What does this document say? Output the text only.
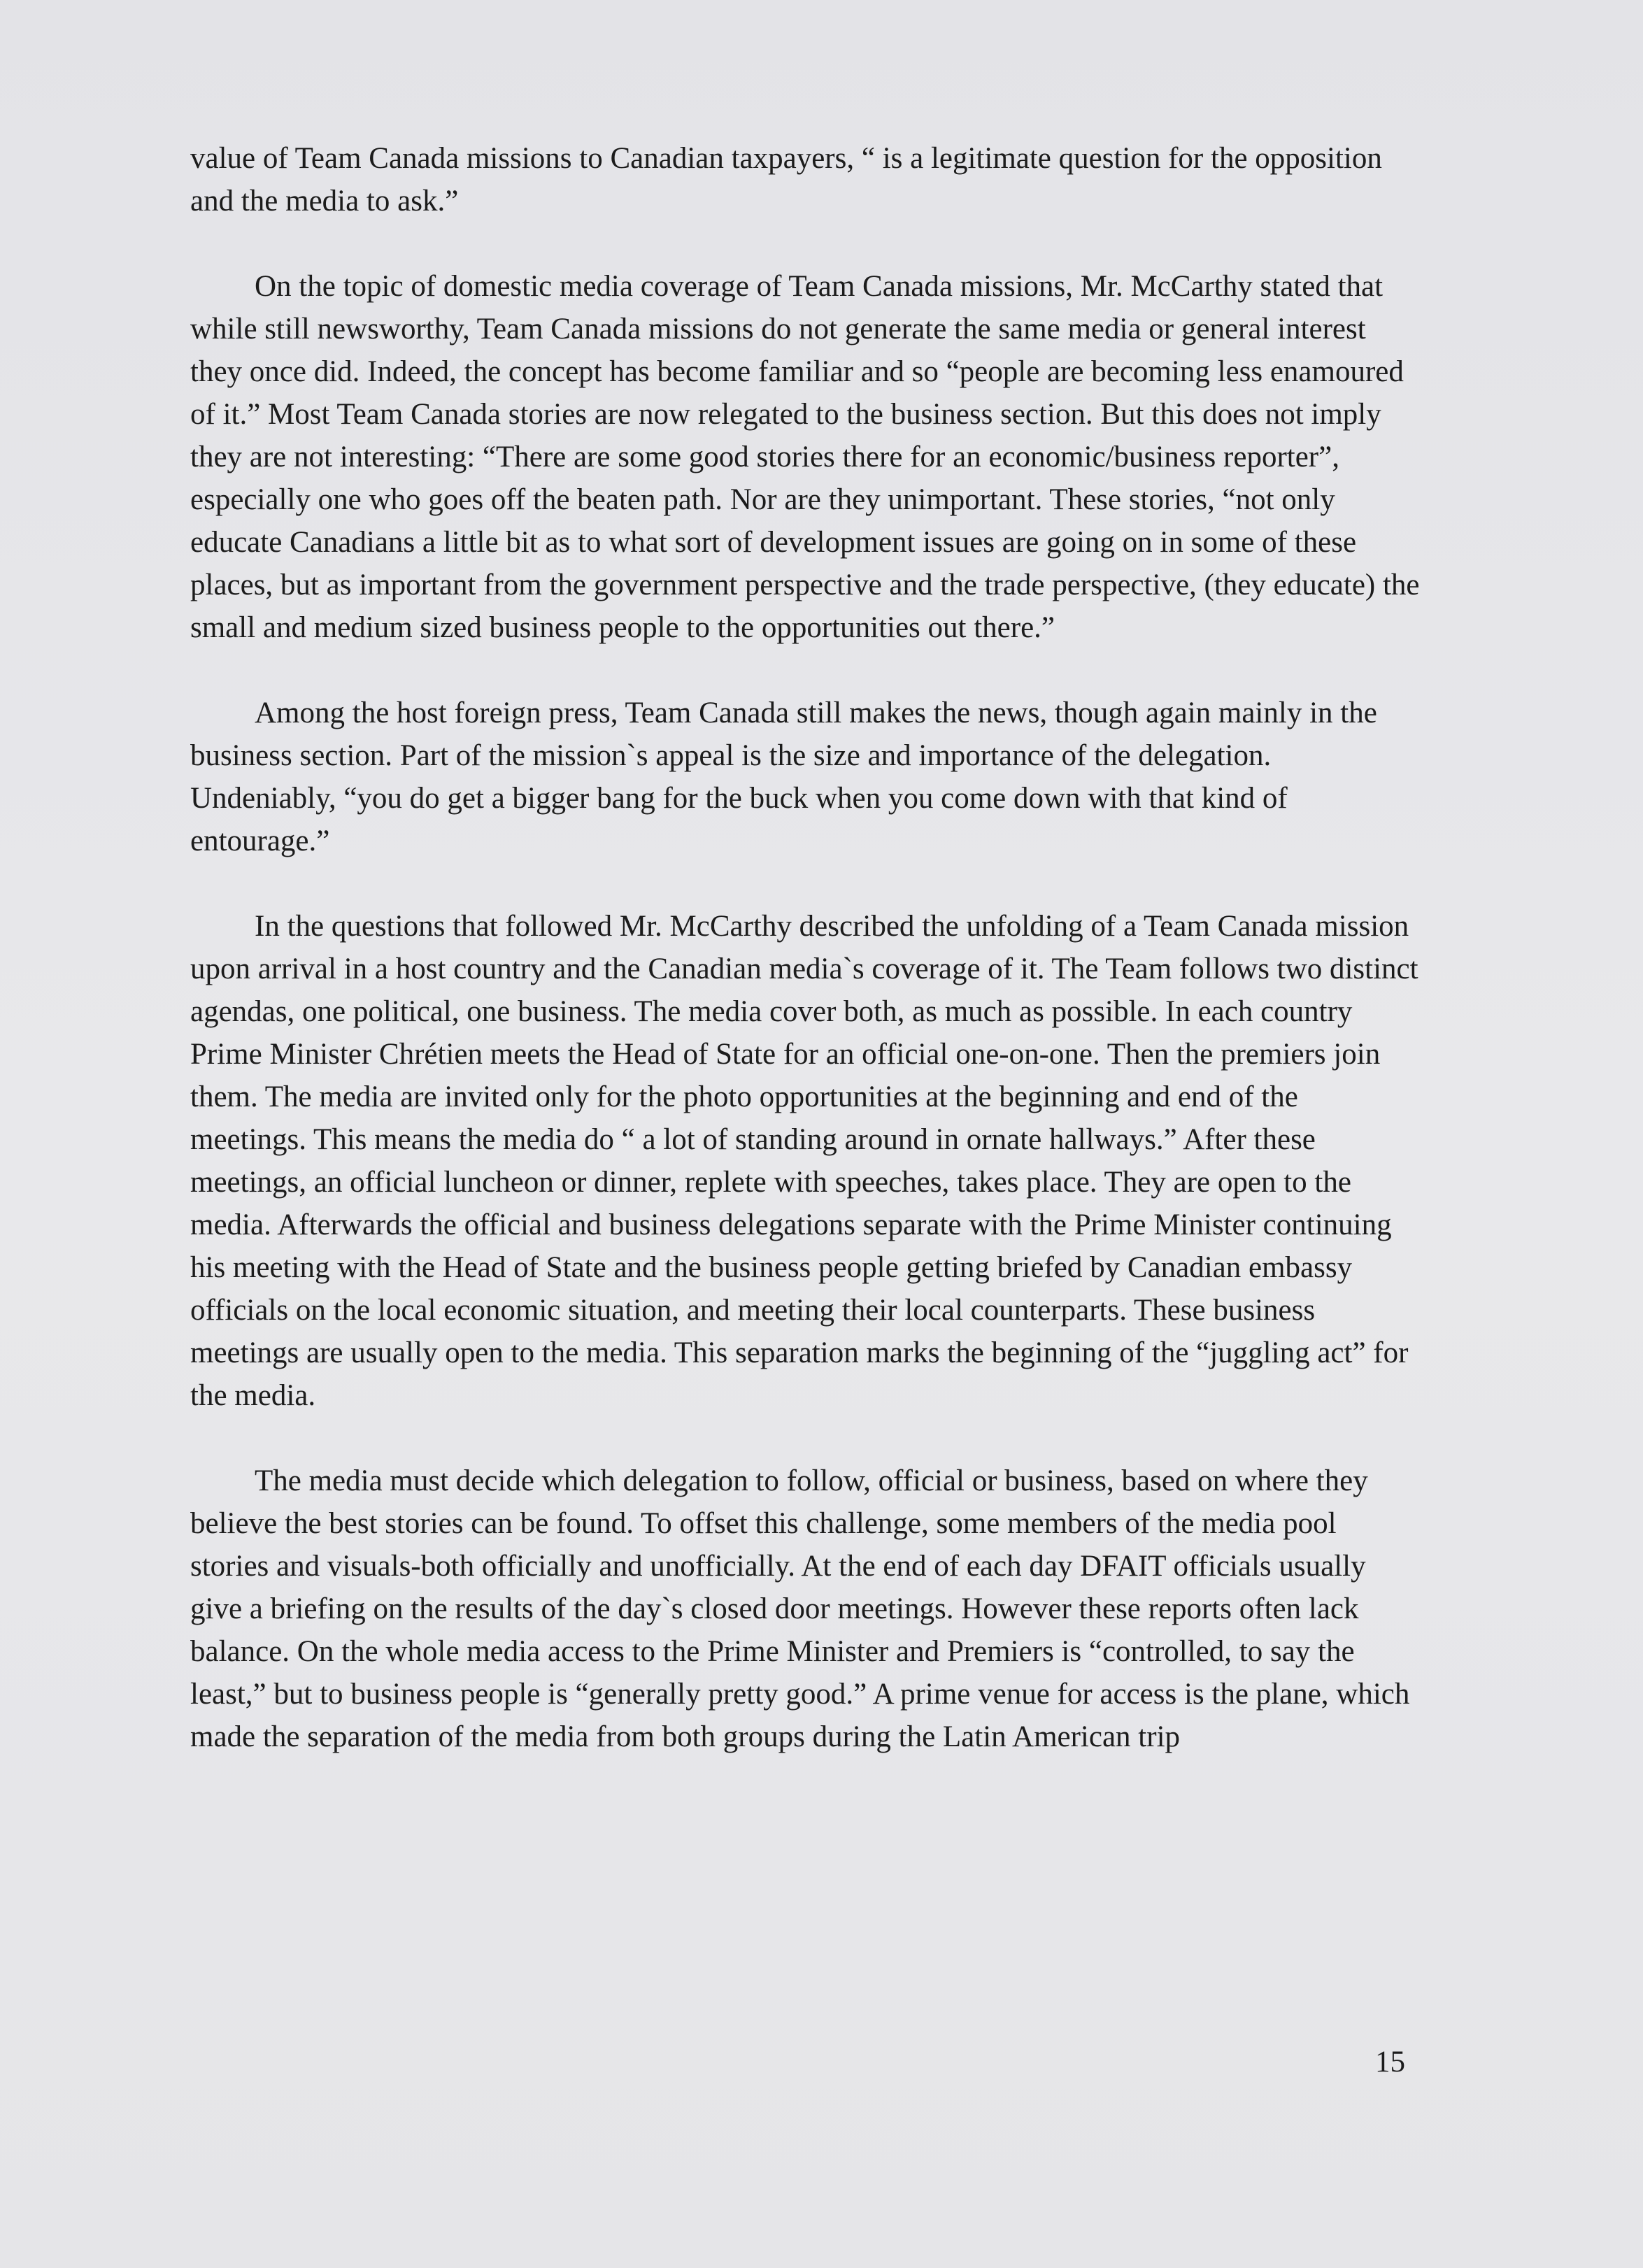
value of Team Canada missions to Canadian taxpayers, “ is a legitimate question for the opposition and the media to ask.”

On the topic of domestic media coverage of Team Canada missions, Mr. McCarthy stated that while still newsworthy, Team Canada missions do not generate the same media or general interest they once did. Indeed, the concept has become familiar and so “people are becoming less enamoured of it.” Most Team Canada stories are now relegated to the business section. But this does not imply they are not interesting: “There are some good stories there for an economic/business reporter”, especially one who goes off the beaten path. Nor are they unimportant. These stories, “not only educate Canadians a little bit as to what sort of development issues are going on in some of these places, but as important from the government perspective and the trade perspective, (they educate) the small and medium sized business people to the opportunities out there.”

Among the host foreign press, Team Canada still makes the news, though again mainly in the business section. Part of the mission`s appeal is the size and importance of the delegation. Undeniably, “you do get a bigger bang for the buck when you come down with that kind of entourage.”

In the questions that followed Mr. McCarthy described the unfolding of a Team Canada mission upon arrival in a host country and the Canadian media`s coverage of it. The Team follows two distinct agendas, one political, one business. The media cover both, as much as possible. In each country Prime Minister Chrétien meets the Head of State for an official one-on-one. Then the premiers join them. The media are invited only for the photo opportunities at the beginning and end of the meetings. This means the media do “ a lot of standing around in ornate hallways.” After these meetings, an official luncheon or dinner, replete with speeches, takes place. They are open to the media. Afterwards the official and business delegations separate with the Prime Minister continuing his meeting with the Head of State and the business people getting briefed by Canadian embassy officials on the local economic situation, and meeting their local counterparts. These business meetings are usually open to the media. This separation marks the beginning of the “juggling act” for the media.

The media must decide which delegation to follow, official or business, based on where they believe the best stories can be found. To offset this challenge, some members of the media pool stories and visuals-both officially and unofficially. At the end of each day DFAIT officials usually give a briefing on the results of the day`s closed door meetings. However these reports often lack balance. On the whole media access to the Prime Minister and Premiers is “controlled, to say the least,” but to business people is “generally pretty good.” A prime venue for access is the plane, which made the separation of the media from both groups during the Latin American trip

15
